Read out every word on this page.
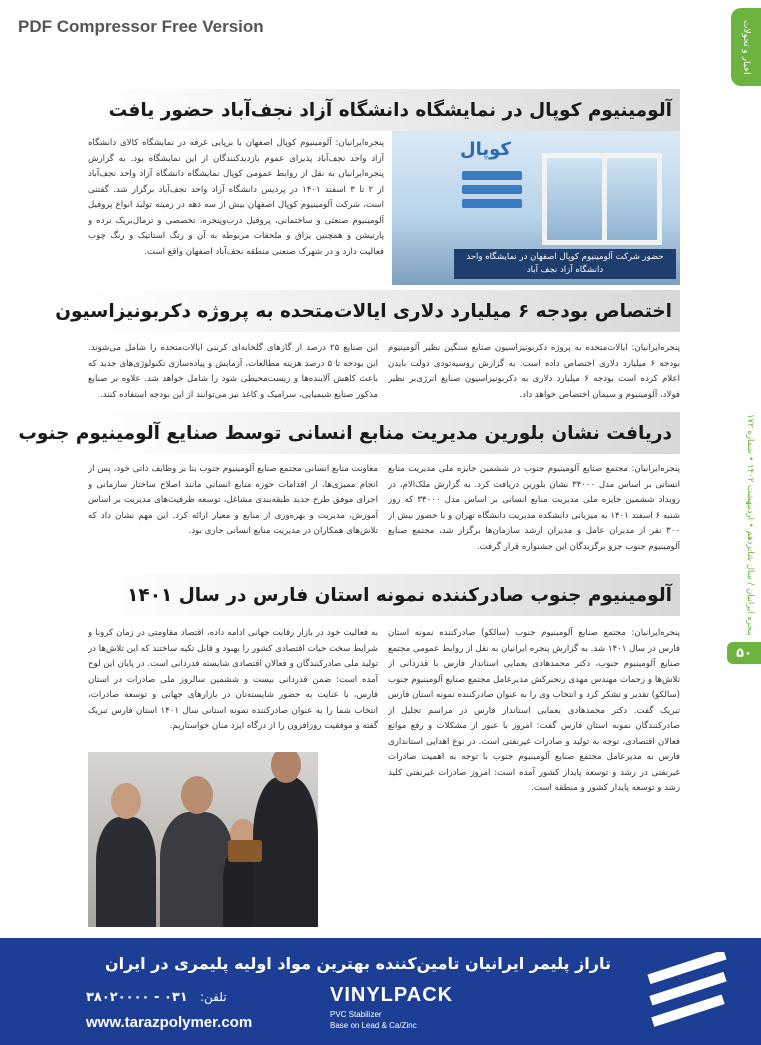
PDF Compressor Free Version	اخبار و تحولات
پنجره ایرانیان / سال شانزدهم • اردیبهشت ۱۴۰۲ • شماره ۱۷۲
۵۰
آلومینیوم کوپال در نمایشگاه دانشگاه آزاد نجف‌آباد حضور یافت

پنجره‌ایرانیان: آلومینیوم کوپال اصفهان با برپایی غرفه در نمایشگاه کالای دانشگاه آزاد واحد نجف‌آباد پذیرای عموم بازدیدکنندگان از این نمایشگاه بود. به گزارش پنجره‌ایرانیان به نقل از روابط عمومی کوپال نمایشگاه دانشگاه آزاد واحد نجف‌آباد از ۲ تا ۳ اسفند ۱۴۰۱ در پردیس دانشگاه آزاد واحد نجف‌آباد برگزار شد. گفتنی است، شرکت آلومینیوم کوپال اصفهان بیش از سه دهه در زمینه تولید انواع پروفیل آلومینیوم صنعتی و ساختمانی، پروفیل درب‌وپنجره، تخصصی و ترمال‌بریک نرده و پارتیشن و همچنین یراق و ملحقات مربوطه به آن و رنگ استاتیک و رنگ چوب فعالیت دارد و در شهرک صنعتی منطقه نجف‌آباد اصفهان واقع است.

کوپال
حضور شرکت آلومینیوم کوپال اصفهان در نمایشگاه واحد دانشگاه آزاد نجف آباد
اختصاص بودجه ۶ میلیارد دلاری ایالات‌متحده به پروژه دکربونیزاسیون

پنجره‌ایرانیان: ایالات‌متحده به پروژه دکربونیزاسیون صنایع سنگین نظیر آلومینیوم بودجه ۶ میلیارد دلاری اختصاص داده است. به گزارش روسیه‌تودی دولت بایدن اعلام کرده است بودجه ۶ میلیارد دلاری به دکربونیزاسیون صنایع انرژی‌بر نظیر فولاد، آلومینیوم و سیمان اختصاص خواهد داد.

این صنایع ۲۵ درصد از گازهای گلخانه‌ای کربنی ایالات‌متحده را شامل می‌شوند. این بودجه تا ۵ درصد هزینه مطالعات، آزمایش و پیاده‌سازی تکنولوژی‌های جدید که باعث کاهش آلاینده‌ها و زیست‌محیطی شود را شامل خواهد شد. علاوه بر صنایع مذکور صنایع شیمیایی، سرامیک و کاغذ نیز می‌توانند از این بودجه استفاده کنند.

دریافت نشان بلورین مدیریت منابع انسانی توسط صنایع آلومینیوم جنوب

پنجره‌ایرانیان: مجتمع صنایع آلومینیوم جنوب در ششمین جایزه ملی مدیریت منابع انسانی بر اساس مدل ۳۴۰۰۰ نشان بلورین دریافت کرد. به گزارش ملک‌الام، در رویداد ششمین جایزه ملی مدیریت منابع انسانی بر اساس مدل ۳۴۰۰۰ که روز شنبه ۶ اسفند ۱۴۰۱ به میزبانی دانشکده مدیریت دانشگاه تهران و با حضور بیش از ۳۰۰ نفر از مدیران عامل و مدیران ارشد سازمان‌ها برگزار شد، مجتمع صنایع آلومینیوم جنوب جزو برگزیدگان این جشنواره قرار گرفت.

معاونت منابع انسانی مجتمع صنایع آلومینیوم جنوب بنا بر وظایف ذاتی خود، پس از انجام ممیزی‌ها، از اقدامات حوزه منابع انسانی مانند اصلاح ساختار سازمانی و اجرای موفق طرح جدید طبقه‌بندی مشاغل، توسعه ظرفیت‌های مدیریت بر اساس آموزش، مدیریت و بهره‌وری از منابع و معیار ارائه کرد. این مهم نشان داد که تلاش‌های همکاران در مدیریت منابع انسانی جاری بود.

آلومینیوم جنوب صادرکننده نمونه استان فارس در سال ۱۴۰۱

پنجره‌ایرانیان: مجتمع صنایع آلومینیوم جنوب (سالکو) صادرکننده نمونه استان فارس در سال ۱۴۰۱ شد. به گزارش پنجره ایرانیان به نقل از روابط عمومی مجتمع صنایع آلومینیوم جنوب، دکتر محمدهادی یعمایی استاندار فارس با قدردانی از تلاش‌ها و زحمات مهندس مهدی رنجبرکش مدیرعامل مجتمع صنایع آلومینیوم جنوب (سالکو) تقدیر و تشکر کرد و انتخاب وی را به عنوان صادرکننده نمونه استان فارس تبریک گفت. دکتر محمدهادی یعمایی استاندار فارس در مراسم تجلیل از صادرکنندگان نمونه استان فارس گفت: امروز با عبور از مشکلات و رفع موانع فعالان اقتصادی، توجه به تولید و صادرات غیرنفتی است. در نوع اهدایی استانداری فارس به مدیرعامل مجتمع صنایع آلومینیوم جنوب با توجه به اهمیت صادرات غیرنفتی در رشد و توسعه پایدار کشور آمده است: امروز صادرات غیرنفتی کلید رشد و توسعه پایدار کشور و منطقه است.

به فعالیت خود در بازار رقابت جهانی ادامه داده، اقتصاد مقاومتی در زمان کرونا و شرایط سخت حیات اقتصادی کشور را بهبود و قابل تکیه ساختند که این تلاش‌ها در تولید ملی صادرکنندگان و فعالان اقتصادی شایسته قدردانی است. در پایان این لوح آمده است: ضمن قدردانی بیست و ششمین سالروز ملی صادرات در استان فارس، با عنایت به حضور شایسته‌تان در بازارهای جهانی و توسعه صادرات، انتخاب شما را به عنوان صادرکننده نمونه استانی سال ۱۴۰۱ استان فارس تبریک گفته و موفقیت روزافزون را از درگاه ایزد منان خواستاریم.

تاراز پلیمر ایرانیان تامین‌کننده بهترین مواد اولیه پلیمری در ایران
تلفن:
۰۳۱ - ۳۸۰۲۰۰۰۰
www.tarazpolymer.com
VINYLPACK
PVC Stabilizer
Base on Lead & Ca/Zinc
